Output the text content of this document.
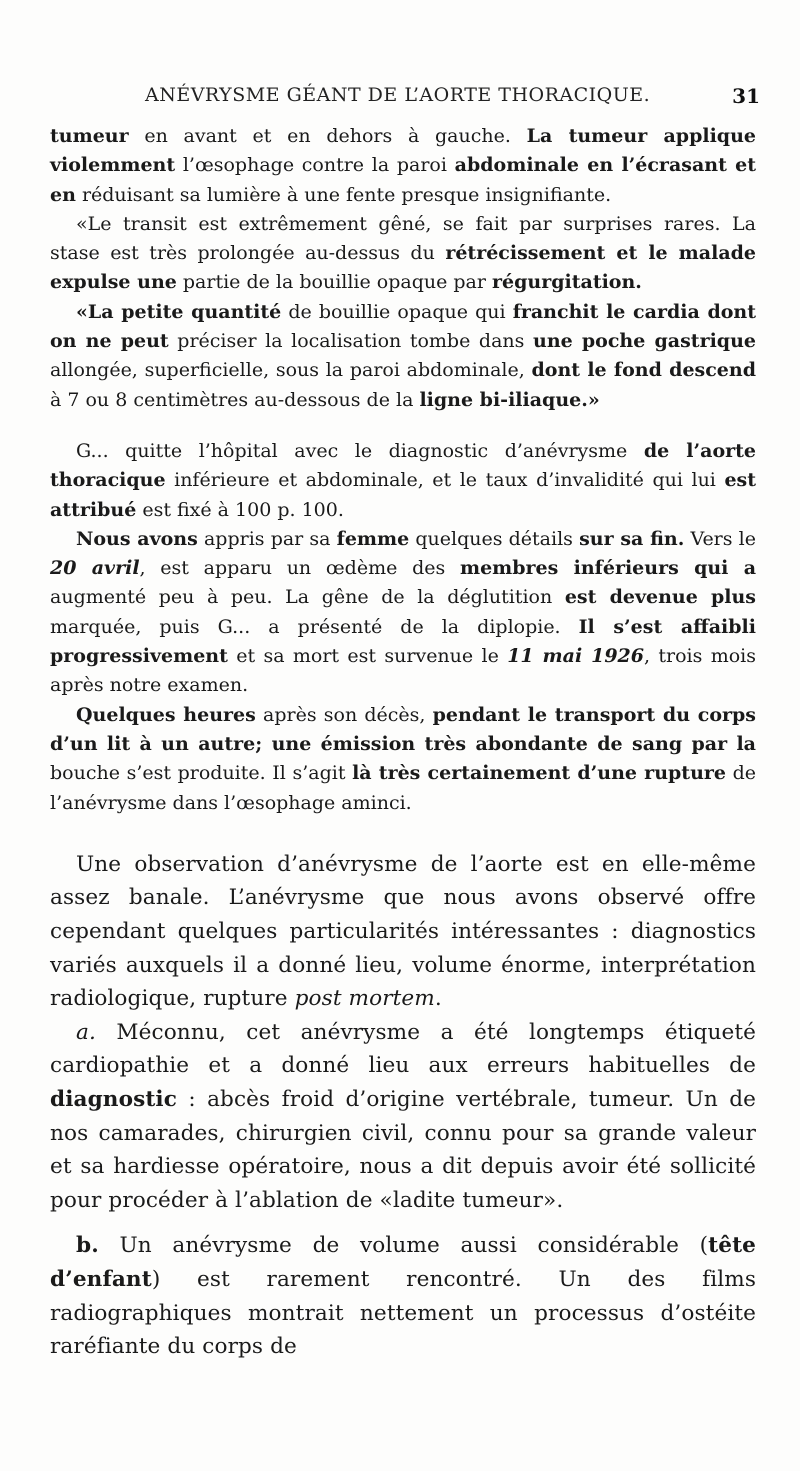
ANÉVRYSME GÉANT DE L’AORTE THORACIQUE.	31

tumeur en avant et en dehors à gauche. La tumeur applique violemment l’œsophage contre la paroi abdominale en l’écrasant et en réduisant sa lumière à une fente presque insignifiante.

«Le transit est extrêmement gêné, se fait par surprises rares. La stase est très prolongée au-dessus du rétrécissement et le malade expulse une partie de la bouillie opaque par régurgitation.

«La petite quantité de bouillie opaque qui franchit le cardia dont on ne peut préciser la localisation tombe dans une poche gastrique allongée, superficielle, sous la paroi abdominale, dont le fond descend à 7 ou 8 centimètres au-dessous de la ligne bi-iliaque.»

G... quitte l’hôpital avec le diagnostic d’anévrysme de l’aorte thoracique inférieure et abdominale, et le taux d’invalidité qui lui est attribué est fixé à 100 p. 100.

Nous avons appris par sa femme quelques détails sur sa fin. Vers le 20 avril, est apparu un œdème des membres inférieurs qui a augmenté peu à peu. La gêne de la déglutition est devenue plus marquée, puis G... a présenté de la diplopie. Il s’est affaibli progressivement et sa mort est survenue le 11 mai 1926, trois mois après notre examen.

Quelques heures après son décès, pendant le transport du corps d’un lit à un autre; une émission très abondante de sang par la bouche s’est produite. Il s’agit là très certainement d’une rupture de l’anévrysme dans l’œsophage aminci.

Une observation d’anévrysme de l’aorte est en elle-même assez banale. L’anévrysme que nous avons observé offre cependant quelques particularités intéressantes : diagnostics variés auxquels il a donné lieu, volume énorme, interprétation radiologique, rupture post mortem.

a. Méconnu, cet anévrysme a été longtemps étiqueté cardiopathie et a donné lieu aux erreurs habituelles de diagnostic : abcès froid d’origine vertébrale, tumeur. Un de nos camarades, chirurgien civil, connu pour sa grande valeur et sa hardiesse opératoire, nous a dit depuis avoir été sollicité pour procéder à l’ablation de «ladite tumeur».

b. Un anévrysme de volume aussi considérable (tête d’enfant) est rarement rencontré. Un des films radiographiques montrait nettement un processus d’ostéite raréfiante du corps de
